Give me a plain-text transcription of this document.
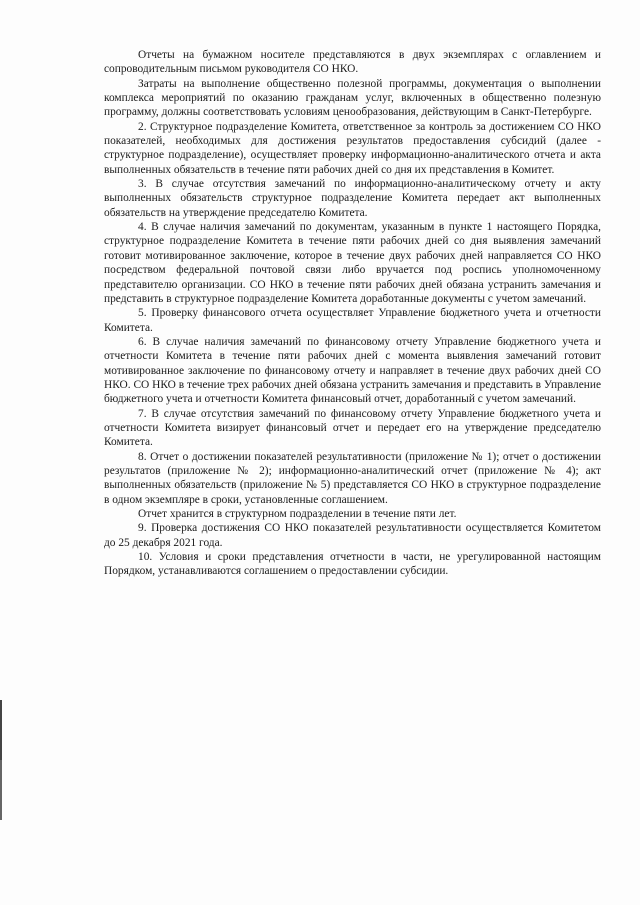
Отчеты на бумажном носителе представляются в двух экземплярах с оглавлением и сопроводительным письмом руководителя СО НКО.

Затраты на выполнение общественно полезной программы, документация о выполнении комплекса мероприятий по оказанию гражданам услуг, включенных в общественно полезную программу, должны соответствовать условиям ценообразования, действующим в Санкт-Петербурге.

2. Структурное подразделение Комитета, ответственное за контроль за достижением СО НКО показателей, необходимых для достижения результатов предоставления субсидий (далее - структурное подразделение), осуществляет проверку информационно-аналитического отчета и акта выполненных обязательств в течение пяти рабочих дней со дня их представления в Комитет.

3. В случае отсутствия замечаний по информационно-аналитическому отчету и акту выполненных обязательств структурное подразделение Комитета передает акт выполненных обязательств на утверждение председателю Комитета.

4. В случае наличия замечаний по документам, указанным в пункте 1 настоящего Порядка, структурное подразделение Комитета в течение пяти рабочих дней со дня выявления замечаний готовит мотивированное заключение, которое в течение двух рабочих дней направляется СО НКО посредством федеральной почтовой связи либо вручается под роспись уполномоченному представителю организации. СО НКО в течение пяти рабочих дней обязана устранить замечания и представить в структурное подразделение Комитета доработанные документы с учетом замечаний.

5. Проверку финансового отчета осуществляет Управление бюджетного учета и отчетности Комитета.

6. В случае наличия замечаний по финансовому отчету Управление бюджетного учета и отчетности Комитета в течение пяти рабочих дней с момента выявления замечаний готовит мотивированное заключение по финансовому отчету и направляет в течение двух рабочих дней СО НКО. СО НКО в течение трех рабочих дней обязана устранить замечания и представить в Управление бюджетного учета и отчетности Комитета финансовый отчет, доработанный с учетом замечаний.

7. В случае отсутствия замечаний по финансовому отчету Управление бюджетного учета и отчетности Комитета визирует финансовый отчет и передает его на утверждение председателю Комитета.

8. Отчет о достижении показателей результативности (приложение № 1); отчет о достижении результатов (приложение № 2); информационно-аналитический отчет (приложение № 4); акт выполненных обязательств (приложение № 5) представляется СО НКО в структурное подразделение в одном экземпляре в сроки, установленные соглашением.

Отчет хранится в структурном подразделении в течение пяти лет.

9. Проверка достижения СО НКО показателей результативности осуществляется Комитетом до 25 декабря 2021 года.

10. Условия и сроки представления отчетности в части, не урегулированной настоящим Порядком, устанавливаются соглашением о предоставлении субсидии.
